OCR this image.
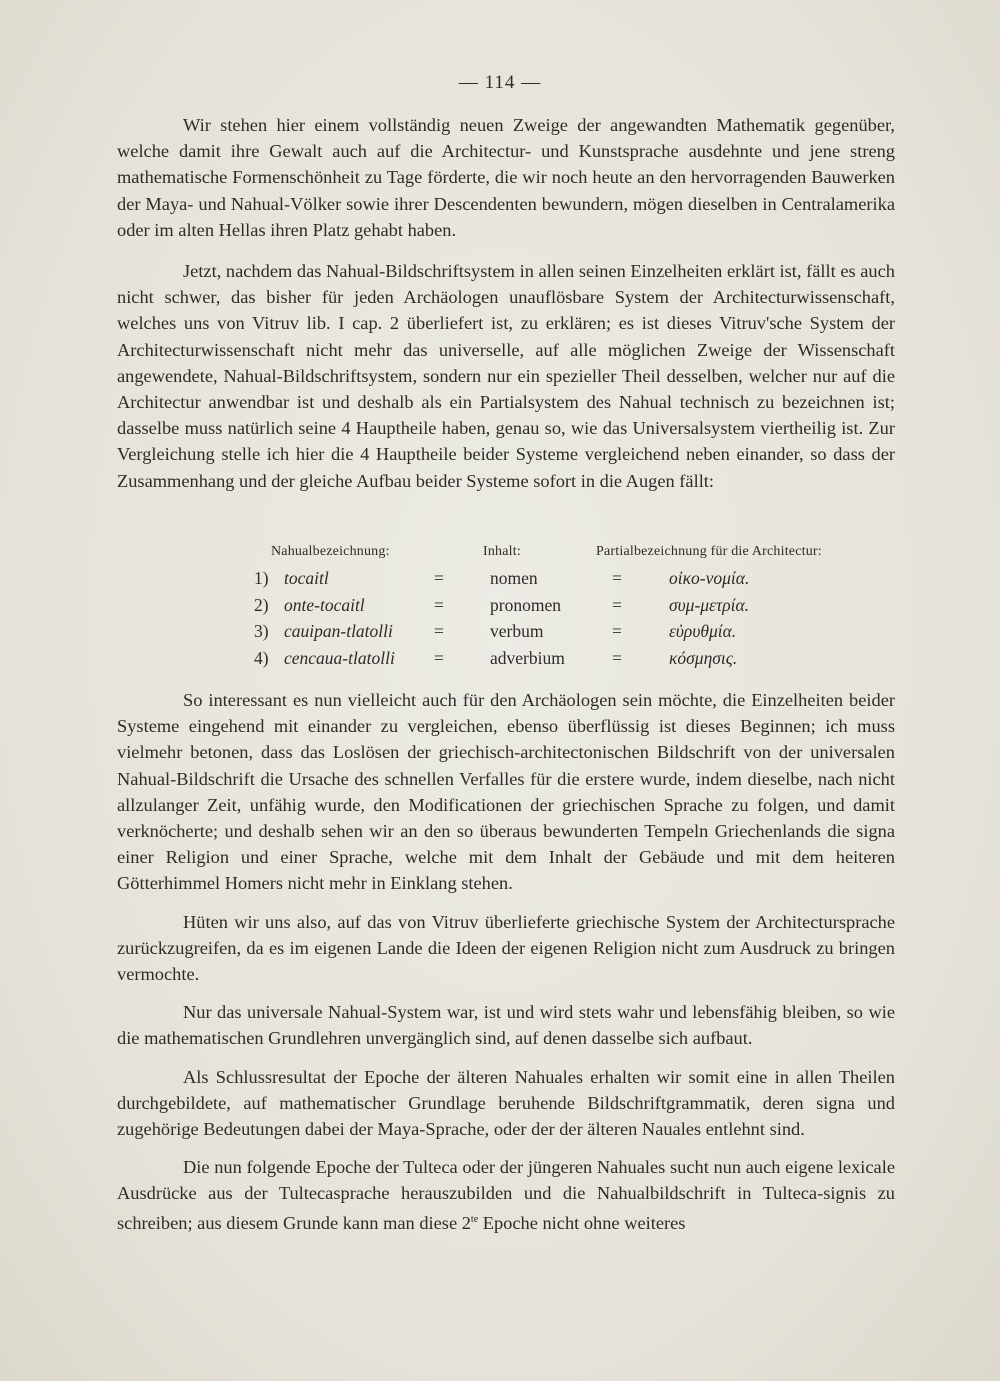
— 114 —

Wir stehen hier einem vollständig neuen Zweige der angewandten Mathematik gegenüber, welche damit ihre Gewalt auch auf die Architectur- und Kunstsprache ausdehnte und jene streng mathematische Formenschönheit zu Tage förderte, die wir noch heute an den hervorragenden Bauwerken der Maya- und Nahual-Völker sowie ihrer Descendenten bewundern, mögen dieselben in Centralamerika oder im alten Hellas ihren Platz gehabt haben.

Jetzt, nachdem das Nahual-Bildschriftsystem in allen seinen Einzelheiten erklärt ist, fällt es auch nicht schwer, das bisher für jeden Archäologen unauflösbare System der Architecturwissenschaft, welches uns von Vitruv lib. I cap. 2 überliefert ist, zu erklären; es ist dieses Vitruv'sche System der Architecturwissenschaft nicht mehr das universelle, auf alle möglichen Zweige der Wissenschaft angewendete, Nahual-Bildschriftsystem, sondern nur ein spezieller Theil desselben, welcher nur auf die Architectur anwendbar ist und deshalb als ein Partialsystem des Nahual technisch zu bezeichnen ist; dasselbe muss natürlich seine 4 Hauptheile haben, genau so, wie das Universalsystem viertheilig ist. Zur Vergleichung stelle ich hier die 4 Hauptheile beider Systeme vergleichend neben einander, so dass der Zusammenhang und der gleiche Aufbau beider Systeme sofort in die Augen fällt:

Nahualbezeichnung:	Inhalt:	Partialbezeichnung für die Architectur:
1) tocaitl	=	nomen	=	οἰκο-νομία.
2) onte-tocaitl	=	pronomen	=	συμ-μετρία.
3) cauipan-tlatolli =	verbum	=	εὐρυθμία.
4) cencaua-tlatolli =	adverbium	=	κόσμησις.

So interessant es nun vielleicht auch für den Archäologen sein möchte, die Einzelheiten beider Systeme eingehend mit einander zu vergleichen, ebenso überflüssig ist dieses Beginnen; ich muss vielmehr betonen, dass das Loslösen der griechisch-architectonischen Bildschrift von der universalen Nahual-Bildschrift die Ursache des schnellen Verfalles für die erstere wurde, indem dieselbe, nach nicht allzulanger Zeit, unfähig wurde, den Modificationen der griechischen Sprache zu folgen, und damit verknöcherte; und deshalb sehen wir an den so überaus bewunderten Tempeln Griechenlands die signa einer Religion und einer Sprache, welche mit dem Inhalt der Gebäude und mit dem heiteren Götterhimmel Homers nicht mehr in Einklang stehen.

Hüten wir uns also, auf das von Vitruv überlieferte griechische System der Architectursprache zurückzugreifen, da es im eigenen Lande die Ideen der eigenen Religion nicht zum Ausdruck zu bringen vermochte.

Nur das universale Nahual-System war, ist und wird stets wahr und lebensfähig bleiben, so wie die mathematischen Grundlehren unvergänglich sind, auf denen dasselbe sich aufbaut.

Als Schlussresultat der Epoche der älteren Nahuales erhalten wir somit eine in allen Theilen durchgebildete, auf mathematischer Grundlage beruhende Bildschriftgrammatik, deren signa und zugehörige Bedeutungen dabei der Maya-Sprache, oder der der älteren Nauales entlehnt sind.

Die nun folgende Epoche der Tulteca oder der jüngeren Nahuales sucht nun auch eigene lexicale Ausdrücke aus der Tultecasprache herauszubilden und die Nahualbildschrift in Tulteca-signis zu schreiben; aus diesem Grunde kann man diese $2^{te}$ Epoche nicht ohne weiteres
